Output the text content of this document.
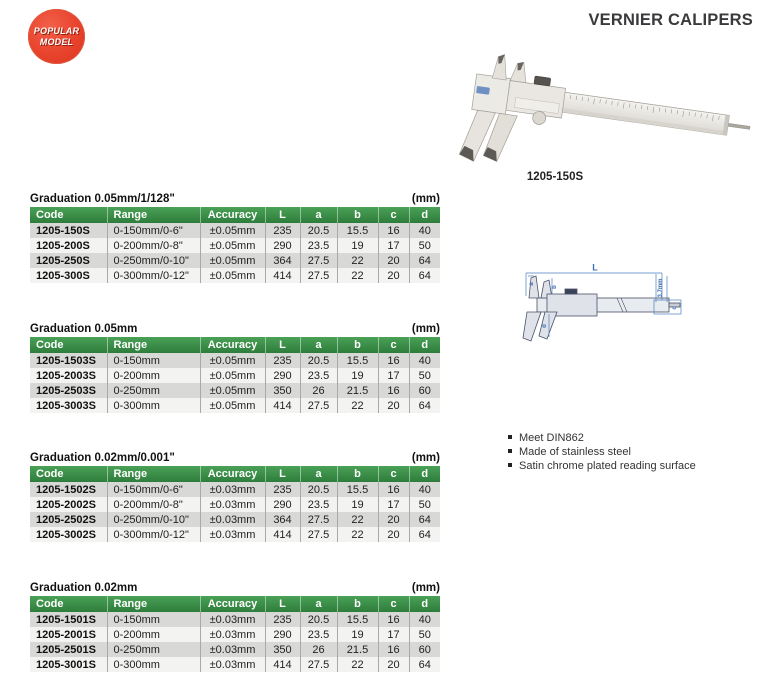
POPULAR
MODEL
VERNIER CALIPERS
1205-150S
Graduation 0.05mm/1/128"	(mm)
Code	Range	Accuracy	L	a	b	c	d
1205-150S	0-150mm/0-6"	±0.05mm	235	20.5	15.5	16	40
1205-200S	0-200mm/0-8"	±0.05mm	290	23.5	19	17	50
1205-250S	0-250mm/0-10"	±0.05mm	364	27.5	22	20	64
1205-300S	0-300mm/0-12"	±0.05mm	414	27.5	22	20	64
Graduation 0.05mm	(mm)
Code	Range	Accuracy	L	a	b	c	d
1205-1503S	0-150mm	±0.05mm	235	20.5	15.5	16	40
1205-2003S	0-200mm	±0.05mm	290	23.5	19	17	50
1205-2503S	0-250mm	±0.05mm	350	26	21.5	16	60
1205-3003S	0-300mm	±0.05mm	414	27.5	22	20	64
Graduation 0.02mm/0.001"	(mm)
Code	Range	Accuracy	L	a	b	c	d
1205-1502S	0-150mm/0-6"	±0.03mm	235	20.5	15.5	16	40
1205-2002S	0-200mm/0-8"	±0.03mm	290	23.5	19	17	50
1205-2502S	0-250mm/0-10"	±0.03mm	364	27.5	22	20	64
1205-3002S	0-300mm/0-12"	±0.03mm	414	27.5	22	20	64
Graduation 0.02mm	(mm)
Code	Range	Accuracy	L	a	b	c	d
1205-1501S	0-150mm	±0.03mm	235	20.5	15.5	16	40
1205-2001S	0-200mm	±0.03mm	290	23.5	19	17	50
1205-2501S	0-250mm	±0.03mm	350	26	21.5	16	60
1205-3001S	0-300mm	±0.03mm	414	27.5	22	20	64
L
a
b
d
3.7mm
c
Meet DIN862
Made of stainless steel
Satin chrome plated reading surface
